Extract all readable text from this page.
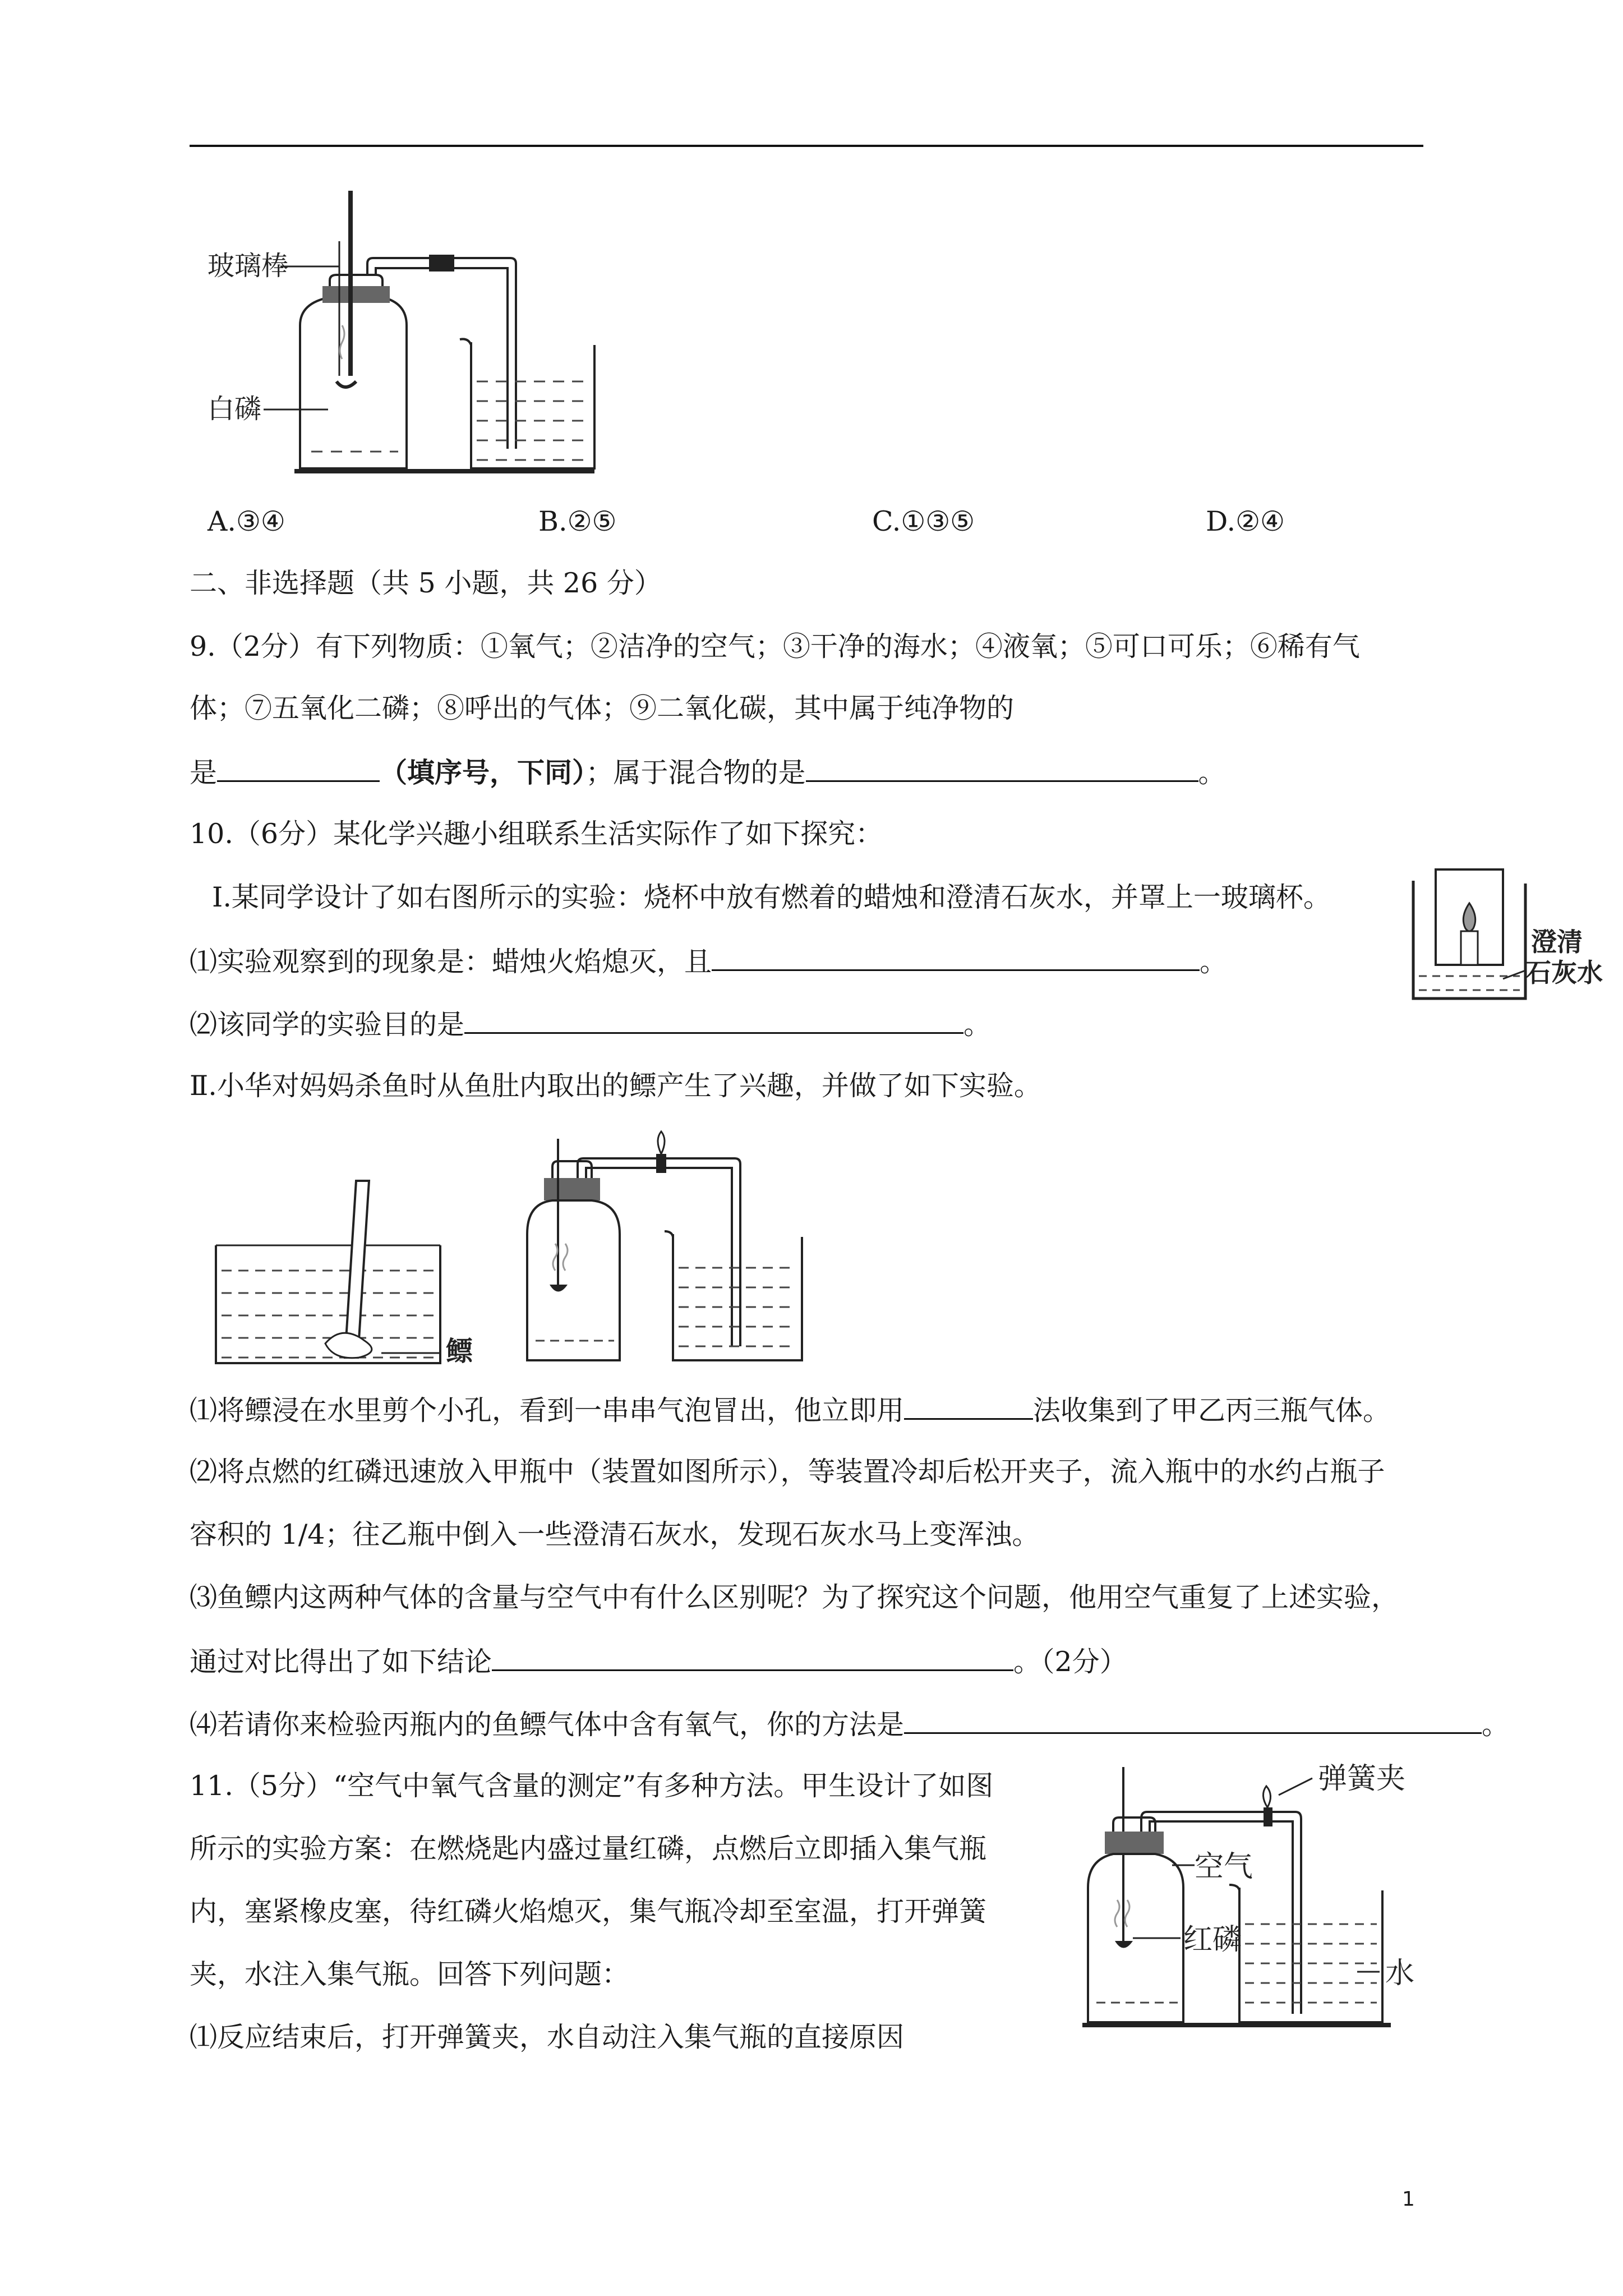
玻璃棒
白磷
A.③④	B.②⑤	C.①③⑤	D.②④
二、非选择题（共 5 小题，共 26 分）
9.（2分）有下列物质：①氧气；②洁净的空气；③干净的海水；④液氧；⑤可口可乐；⑥稀有气
体；⑦五氧化二磷；⑧呼出的气体；⑨二氧化碳，其中属于纯净物的
是	（填序号，下同）；属于混合物的是	。
10.（6分）某化学兴趣小组联系生活实际作了如下探究：
Ⅰ.某同学设计了如右图所示的实验：烧杯中放有燃着的蜡烛和澄清石灰水，并罩上一玻璃杯。
⑴实验观察到的现象是：蜡烛火焰熄灭，且	。
⑵该同学的实验目的是	。
澄清
石灰水
Ⅱ.小华对妈妈杀鱼时从鱼肚内取出的鳔产生了兴趣，并做了如下实验。
鳔
⑴将鳔浸在水里剪个小孔，看到一串串气泡冒出，他立即用	法收集到了甲乙丙三瓶气体。
⑵将点燃的红磷迅速放入甲瓶中（装置如图所示），等装置冷却后松开夹子，流入瓶中的水约占瓶子
容积的 1/4；往乙瓶中倒入一些澄清石灰水，发现石灰水马上变浑浊。
⑶鱼鳔内这两种气体的含量与空气中有什么区别呢？为了探究这个问题，他用空气重复了上述实验，
通过对比得出了如下结论	。（2分）
⑷若请你来检验丙瓶内的鱼鳔气体中含有氧气，你的方法是	。
11.（5分）“空气中氧气含量的测定”有多种方法。甲生设计了如图
所示的实验方案：在燃烧匙内盛过量红磷，点燃后立即插入集气瓶
内，塞紧橡皮塞，待红磷火焰熄灭，集气瓶冷却至室温，打开弹簧
夹，水注入集气瓶。回答下列问题：
⑴反应结束后，打开弹簧夹，水自动注入集气瓶的直接原因
弹簧夹
空气
红磷
水
1
